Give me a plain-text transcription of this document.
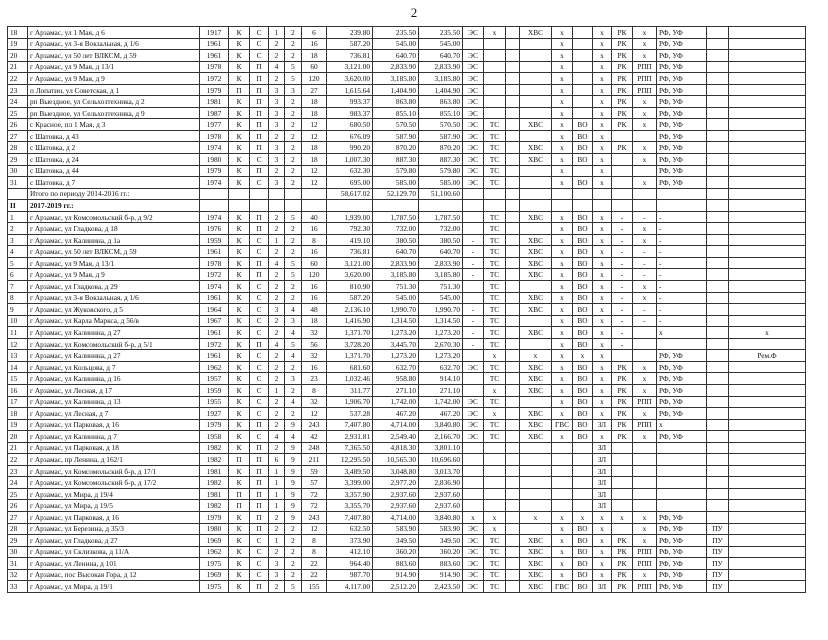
2
18	г Арзамас, ул 1 Мая, д 6	1917	К	С	1	2	6	239.80	235.50	235.50	ЭС	х		ХВС	х		х	РК	х	РФ, УФ		
19	г Арзамас, ул 3-я Вокзальная, д 1/6	1961	К	С	2	2	16	587.20	545.00	545.00					х		х	РК	х	РФ, УФ		
20	г Арзамас, ул 50 лет ВЛКСМ, д 59	1961	К	С	2	2	18	736.81	640.70	640.70	ЭС				х		х	РК	х	РФ, УФ		
21	г Арзамас, ул 9 Мая, д 13/1	1978	К	П	4	5	60	3,121.00	2,833.90	2,833.90	ЭС				х		х	РК	РПП	РФ, УФ		
22	г Арзамас, ул 9 Мая, д 9	1972	К	П	2	5	120	3,620.00	3,185.80	3,185.80	ЭС				х		х	РК	РПП	РФ, УФ		
23	п Лопатин, ул Советская, д 1	1979	П	П	3	3	27	1,615.64	1,404.90	1,404.90	ЭС				х		х	РК	РПП	РФ, УФ		
24	рп Выездное, ул Сельхозтехника, д 2	1981	К	П	3	2	18	993.37	863.80	863.80	ЭС				х		х	РК	х	РФ, УФ		
25	рп Выездное, ул Сельхозтехника, д 9	1987	К	П	3	2	18	983.37	855.10	855.10	ЭС				х		х	РК	х	РФ, УФ		
26	с Красное, пл 1 Мая, д 3	1977	К	П	3	2	12	680.50	570.50	570.50	ЭС	ТС		ХВС	х	ВО	х	РК	х	РФ, УФ		
27	с Шатовка, д 43	1978	К	П	2	2	12	676.09	587.90	587.90	ЭС	ТС			х	ВО	х			РФ, УФ		
28	с Шатовка, д 2	1974	К	П	3	2	18	990.20	870.20	870.20	ЭС	ТС		ХВС	х	ВО	х	РК	х	РФ, УФ		
29	с Шатовка, д 24	1980	К	С	3	2	18	1,007.30	887.30	887.30	ЭС	ТС		ХВС	х	ВО	х		х	РФ, УФ		
30	с Шатовка, д 44	1979	К	П	2	2	12	632.30	579.80	579.80	ЭС	ТС			х		х			РФ, УФ		
31	с Шатовка, д 7	1974	К	С	3	2	12	695.00	585.00	585.00	ЭС	ТС			х	ВО	х		х	РФ, УФ		
	Итого по периоду 2014-2016 гг.:							58,617.02	52,129.70	51,100.60												
II	2017-2019 гг.:																					
1	г Арзамас, ул Комсомольский б-р, д 9/2	1974	К	П	2	5	40	1,939.00	1,787.50	1,787.50		ТС		ХВС	х	ВО	х	-	-	-		
2	г Арзамас, ул Гладкова, д 18	1976	К	П	2	2	16	792.30	732.00	732.00		ТС			х	ВО	х	-	х	-		
3	г Арзамас, ул Калинина, д 1а	1959	К	С	1	2	8	419.10	380.50	380.50	-	ТС		ХВС	х	ВО	х	-	х	-		
4	г Арзамас, ул 50 лет ВЛКСМ, д 59	1961	К	С	2	2	16	736.81	640.70	640.70	-	ТС		ХВС	х	ВО	х	-	-	-		
5	г Арзамас, ул 9 Мая, д 13/1	1978	К	П	4	5	60	3,121.00	2,833.90	2,833.90	-	ТС		ХВС	х	ВО	х	-	-	-		
6	г Арзамас, ул 9 Мая, д 9	1972	К	П	2	5	120	3,620.00	3,185.80	3,185.80	-	ТС		ХВС	х	ВО	х	-	-	-		
7	г Арзамас, ул Гладкова, д 29	1974	К	С	2	2	16	810.90	751.30	751.30		ТС			х	ВО	х	-	х	-		
8	г Арзамас, ул 3-я Вокзальная, д 1/6	1961	К	С	2	2	16	587.20	545.00	545.00		ТС		ХВС	х	ВО	х	-	х	-		
9	г Арзамас, ул Жуковского, д 5	1964	К	С	3	4	48	2,136.10	1,990.70	1,990.70	-	ТС		ХВС	х	ВО	х	-	-	-		
10	г Арзамас, ул Карла Маркса, д 56/в	1967	К	С	2	3	18	1,416.90	1,314.50	1,314.50	-	ТС			х	ВО	х	-	-	-		
11	г Арзамас, ул Калинина, д 27	1961	К	С	2	4	32	1,371.70	1,273.20	1,273.20	-	ТС		ХВС	х	ВО	х	-		х		х
12	г Арзамас, ул Комсомольский б-р, д 5/1	1972	К	П	4	5	56	3,728.20	3,445.70	2,670.30	-	ТС			х	ВО	х	-				
13	г Арзамас, ул Калинина, д 27	1961	К	С	2	4	32	1,371.70	1,273.20	1,273.20		х		х	х	х	х			РФ, УФ		Рем.Ф
14	г Арзамас, ул Кольцова, д 7	1962	К	С	2	2	16	681.60	632.70	632.70	ЭС	ТС		ХВС	х	ВО	х	РК	х	РФ, УФ		
15	г Арзамас, ул Калинина, д 16	1957	К	С	2	3	23	1,032.46	958.80	914.10		ТС		ХВС	х	ВО	х	РК	х	РФ, УФ		
16	г Арзамас, ул Лесная, д 17	1959	К	С	1	2	8	311.77	271.10	271.10		х		ХВС	х	ВО	х	РК	х	РФ, УФ		
17	г Арзамас, ул Калинина, д 13	1955	К	С	2	4	32	1,906.70	1,742.00	1,742.00	ЭС	ТС			х	ВО	х	РК	РПП	РФ, УФ		
18	г Арзамас, ул Лесная, д 7	1927	К	С	2	2	12	537.28	467.20	467.20	ЭС	х		ХВС	х	ВО	х	РК	х	РФ, УФ		
19	г Арзамас, ул Парковая, д 16	1979	К	П	2	9	243	7,407.80	4,714.00	3,840.80	ЭС	ТС		ХВС	ГВС	ВО	ЗЛ	РК	РПП	х		
20	г Арзамас, ул Калинина, д 7	1958	К	С	4	4	42	2,931.81	2,549.40	2,166.70	ЭС	ТС		ХВС	х	ВО	х	РК	х	РФ, УФ		
21	г Арзамас, ул Парковая, д 18	1982	К	П	2	9	248	7,365.50	4,818.30	3,801.10							ЗЛ					
22	г Арзамас, пр Ленина, д 162/1	1982	П	П	6	9	211	12,295.50	10,565.30	10,696.60							ЗЛ					
23	г Арзамас, ул Комсомольский б-р, д 17/1	1981	К	П	1	9	59	3,489.50	3,048.80	3,013.70							ЗЛ					
24	г Арзамас, ул Комсомольский б-р, д 17/2	1982	К	П	1	9	57	3,399.00	2,977.20	2,836.90							ЗЛ					
25	г Арзамас, ул Мира, д 19/4	1981	П	П	1	9	72	3,357.90	2,937.60	2,937.60							ЗЛ					
26	г Арзамас, ул Мира, д 19/5	1982	П	П	1	9	72	3,355.70	2,937.60	2,937.60							ЗЛ					
27	г Арзамас, ул Парковая, д 16	1979	К	П	2	9	243	7,407.80	4,714.00	3,840.80	х	х		х	х	х	х	х	х	РФ, УФ		
28	г Арзамас, ул Березина, д 35/3	1980	К	П	2	2	12	632.50	583.90	583.90	ЭС	х			х	ВО	х		х	РФ, УФ	ПУ	
29	г Арзамас, ул Гладкова, д 27	1969	К	С	1	2	8	373.90	349.50	349.50	ЭС	ТС		ХВС	х	ВО	х	РК	х	РФ, УФ	ПУ	
30	г Арзамас, ул Склизкова, д 11/А	1962	К	С	2	2	8	412.10	360.20	360.20	ЭС	ТС		ХВС	х	ВО	х	РК	РПП	РФ, УФ	ПУ	
31	г Арзамас, ул Ленина, д 101	1975	К	С	3	2	22	964.40	883.60	883.60	ЭС	ТС		ХВС	х	ВО	х	РК	РПП	РФ, УФ	ПУ	
32	г Арзамас, пос Высокая Гора, д 12	1969	К	С	3	2	22	987.70	914.90	914.90	ЭС	ТС		ХВС	х	ВО	х	РК	х	РФ, УФ	ПУ	
33	г Арзамас, ул Мира, д 19/1	1975	К	П	2	5	155	4,117.00	2,512.20	2,423.50	ЭС	ТС		ХВС	ГВС	ВО	ЗЛ	РК	РПП	РФ, УФ	ПУ	
